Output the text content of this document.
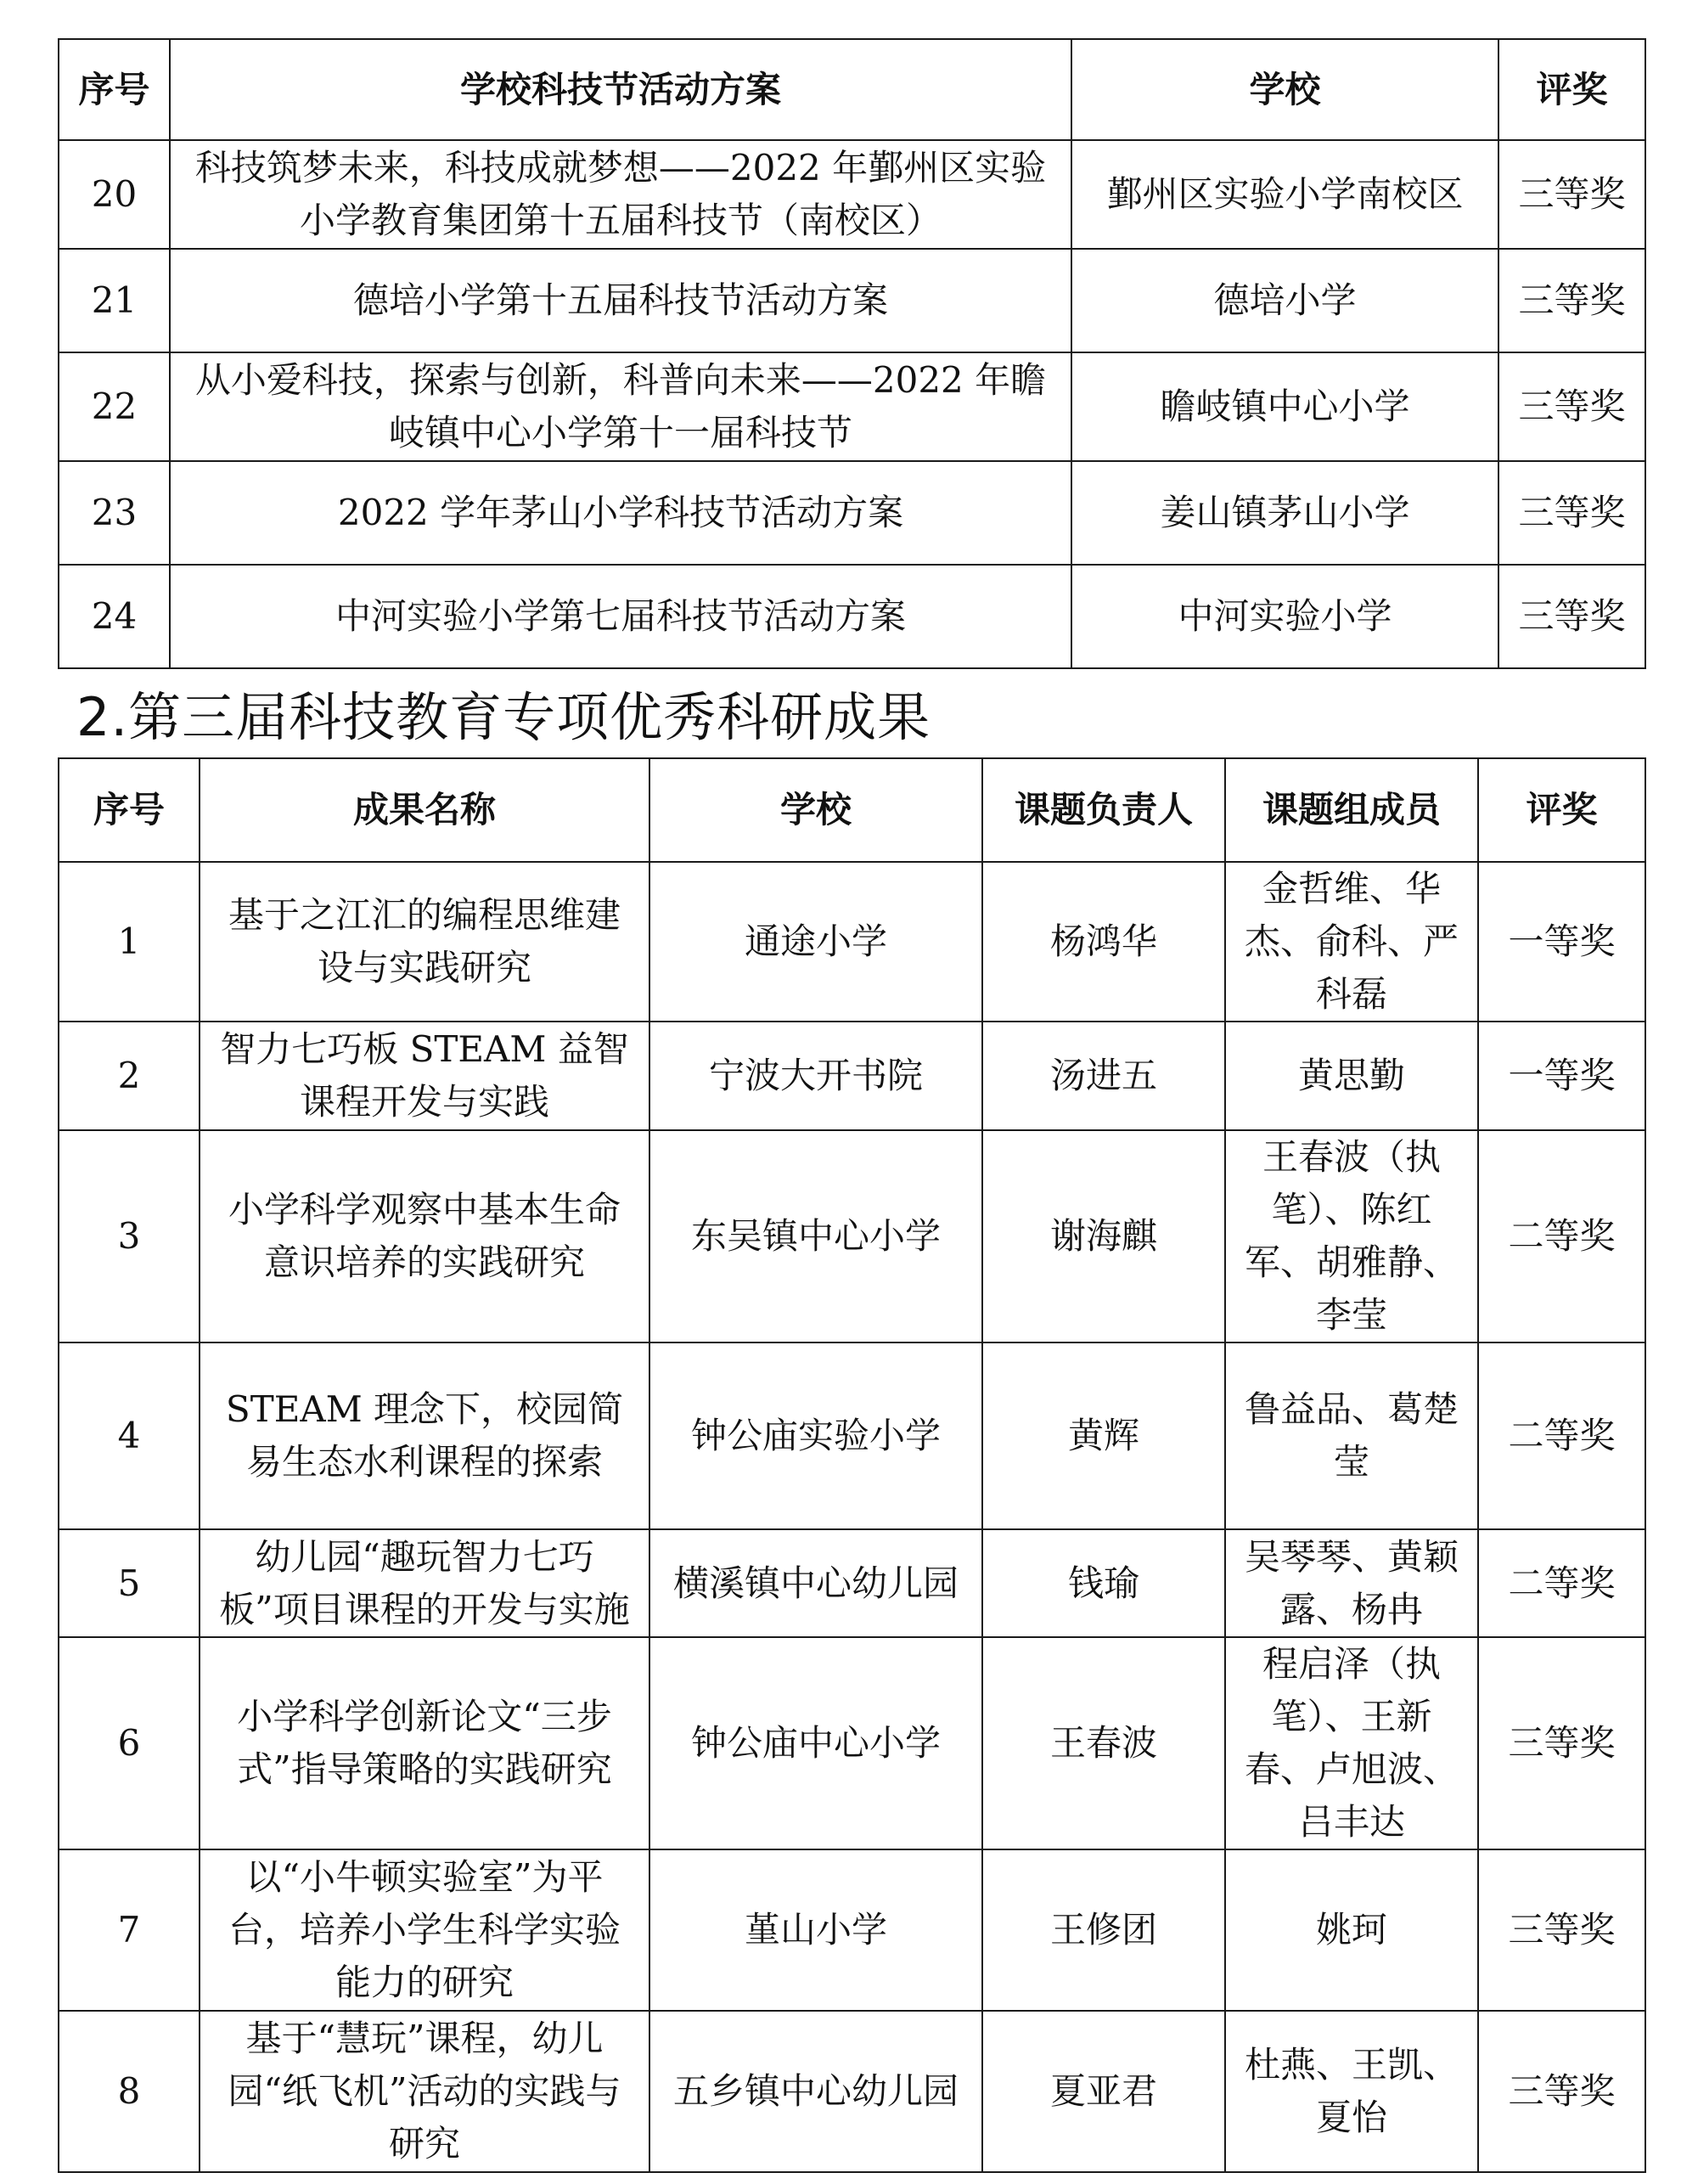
序号	学校科技节活动方案	学校	评奖
20	科技筑梦未来，科技成就梦想——2022 年鄞州区实验小学教育集团第十五届科技节（南校区）	鄞州区实验小学南校区	三等奖
21	德培小学第十五届科技节活动方案	德培小学	三等奖
22	从小爱科技，探索与创新，科普向未来——2022 年瞻岐镇中心小学第十一届科技节	瞻岐镇中心小学	三等奖
23	2022 学年茅山小学科技节活动方案	姜山镇茅山小学	三等奖
24	中河实验小学第七届科技节活动方案	中河实验小学	三等奖
2.第三届科技教育专项优秀科研成果
序号	成果名称	学校	课题负责人	课题组成员	评奖
1	基于之江汇的编程思维建设与实践研究	通途小学	杨鸿华	金哲维、华杰、俞科、严科磊	一等奖
2	智力七巧板 STEAM 益智课程开发与实践	宁波大开书院	汤进五	黄思勤	一等奖
3	小学科学观察中基本生命意识培养的实践研究	东吴镇中心小学	谢海麒	王春波（执笔）、陈红军、胡雅静、李莹	二等奖
4	STEAM 理念下，校园简易生态水利课程的探索	钟公庙实验小学	黄辉	鲁益品、葛楚莹	二等奖
5	幼儿园“趣玩智力七巧板”项目课程的开发与实施	横溪镇中心幼儿园	钱瑜	吴琴琴、黄颖露、杨冉	二等奖
6	小学科学创新论文“三步式”指导策略的实践研究	钟公庙中心小学	王春波	程启泽（执笔）、王新春、卢旭波、吕丰达	三等奖
7	以“小牛顿实验室”为平台，培养小学生科学实验能力的研究	堇山小学	王修团	姚珂	三等奖
8	基于“慧玩”课程，幼儿园“纸飞机”活动的实践与研究	五乡镇中心幼儿园	夏亚君	杜燕、王凯、夏怡	三等奖
